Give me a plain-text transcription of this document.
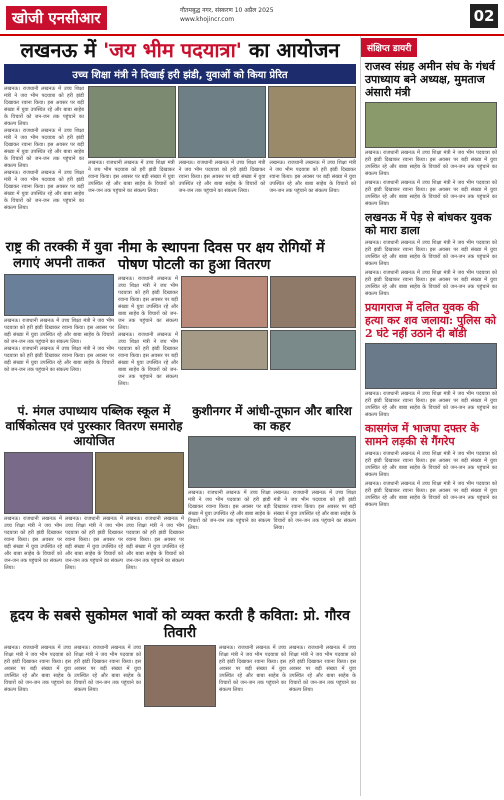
खोजी एनसीआर	गौतमबुद्ध नगर, संस्करण 10 अप्रैल 2025
www.khojincr.com	02
लखनऊ में 'जय भीम पदयात्रा' का आयोजन
उच्च शिक्षा मंत्री ने दिखाई हरी झंडी, युवाओं को किया प्रेरित
लखनऊ। राजधानी लखनऊ में उच्च शिक्षा मंत्री ने जय भीम पदयात्रा को हरी झंडी दिखाकर रवाना किया। इस अवसर पर बड़ी संख्या में युवा उपस्थित रहे और बाबा साहेब के विचारों को जन-जन तक पहुंचाने का संकल्प लिया।
लखनऊ। राजधानी लखनऊ में उच्च शिक्षा मंत्री ने जय भीम पदयात्रा को हरी झंडी दिखाकर रवाना किया। इस अवसर पर बड़ी संख्या में युवा उपस्थित रहे और बाबा साहेब के विचारों को जन-जन तक पहुंचाने का संकल्प लिया।
लखनऊ। राजधानी लखनऊ में उच्च शिक्षा मंत्री ने जय भीम पदयात्रा को हरी झंडी दिखाकर रवाना किया। इस अवसर पर बड़ी संख्या में युवा उपस्थित रहे और बाबा साहेब के विचारों को जन-जन तक पहुंचाने का संकल्प लिया।
लखनऊ। राजधानी लखनऊ में उच्च शिक्षा मंत्री ने जय भीम पदयात्रा को हरी झंडी दिखाकर रवाना किया। इस अवसर पर बड़ी संख्या में युवा उपस्थित रहे और बाबा साहेब के विचारों को जन-जन तक पहुंचाने का संकल्प लिया।
लखनऊ। राजधानी लखनऊ में उच्च शिक्षा मंत्री ने जय भीम पदयात्रा को हरी झंडी दिखाकर रवाना किया। इस अवसर पर बड़ी संख्या में युवा उपस्थित रहे और बाबा साहेब के विचारों को जन-जन तक पहुंचाने का संकल्प लिया।
लखनऊ। राजधानी लखनऊ में उच्च शिक्षा मंत्री ने जय भीम पदयात्रा को हरी झंडी दिखाकर रवाना किया। इस अवसर पर बड़ी संख्या में युवा उपस्थित रहे और बाबा साहेब के विचारों को जन-जन तक पहुंचाने का संकल्प लिया।
राष्ट्र की तरक्की में युवा लगाएं अपनी ताकत
लखनऊ। राजधानी लखनऊ में उच्च शिक्षा मंत्री ने जय भीम पदयात्रा को हरी झंडी दिखाकर रवाना किया। इस अवसर पर बड़ी संख्या में युवा उपस्थित रहे और बाबा साहेब के विचारों को जन-जन तक पहुंचाने का संकल्प लिया।
लखनऊ। राजधानी लखनऊ में उच्च शिक्षा मंत्री ने जय भीम पदयात्रा को हरी झंडी दिखाकर रवाना किया। इस अवसर पर बड़ी संख्या में युवा उपस्थित रहे और बाबा साहेब के विचारों को जन-जन तक पहुंचाने का संकल्प लिया।
नीमा के स्थापना दिवस पर क्षय रोगियों में पोषण पोटली का हुआ वितरण
लखनऊ। राजधानी लखनऊ में उच्च शिक्षा मंत्री ने जय भीम पदयात्रा को हरी झंडी दिखाकर रवाना किया। इस अवसर पर बड़ी संख्या में युवा उपस्थित रहे और बाबा साहेब के विचारों को जन-जन तक पहुंचाने का संकल्प लिया।
लखनऊ। राजधानी लखनऊ में उच्च शिक्षा मंत्री ने जय भीम पदयात्रा को हरी झंडी दिखाकर रवाना किया। इस अवसर पर बड़ी संख्या में युवा उपस्थित रहे और बाबा साहेब के विचारों को जन-जन तक पहुंचाने का संकल्प लिया।
पं. मंगल उपाध्याय पब्लिक स्कूल में वार्षिकोत्सव एवं पुरस्कार वितरण समारोह आयोजित
लखनऊ। राजधानी लखनऊ में उच्च शिक्षा मंत्री ने जय भीम पदयात्रा को हरी झंडी दिखाकर रवाना किया। इस अवसर पर बड़ी संख्या में युवा उपस्थित रहे और बाबा साहेब के विचारों को जन-जन तक पहुंचाने का संकल्प लिया।
लखनऊ। राजधानी लखनऊ में उच्च शिक्षा मंत्री ने जय भीम पदयात्रा को हरी झंडी दिखाकर रवाना किया। इस अवसर पर बड़ी संख्या में युवा उपस्थित रहे और बाबा साहेब के विचारों को जन-जन तक पहुंचाने का संकल्प लिया।
लखनऊ। राजधानी लखनऊ में उच्च शिक्षा मंत्री ने जय भीम पदयात्रा को हरी झंडी दिखाकर रवाना किया। इस अवसर पर बड़ी संख्या में युवा उपस्थित रहे और बाबा साहेब के विचारों को जन-जन तक पहुंचाने का संकल्प लिया।
कुशीनगर में आंधी-तूफान और बारिश का कहर
लखनऊ। राजधानी लखनऊ में उच्च शिक्षा मंत्री ने जय भीम पदयात्रा को हरी झंडी दिखाकर रवाना किया। इस अवसर पर बड़ी संख्या में युवा उपस्थित रहे और बाबा साहेब के विचारों को जन-जन तक पहुंचाने का संकल्प लिया।
लखनऊ। राजधानी लखनऊ में उच्च शिक्षा मंत्री ने जय भीम पदयात्रा को हरी झंडी दिखाकर रवाना किया। इस अवसर पर बड़ी संख्या में युवा उपस्थित रहे और बाबा साहेब के विचारों को जन-जन तक पहुंचाने का संकल्प लिया।
हृदय के सबसे सुकोमल भावों को व्यक्त करती है कविता: प्रो. गौरव तिवारी
लखनऊ। राजधानी लखनऊ में उच्च शिक्षा मंत्री ने जय भीम पदयात्रा को हरी झंडी दिखाकर रवाना किया। इस अवसर पर बड़ी संख्या में युवा उपस्थित रहे और बाबा साहेब के विचारों को जन-जन तक पहुंचाने का संकल्प लिया।
लखनऊ। राजधानी लखनऊ में उच्च शिक्षा मंत्री ने जय भीम पदयात्रा को हरी झंडी दिखाकर रवाना किया। इस अवसर पर बड़ी संख्या में युवा उपस्थित रहे और बाबा साहेब के विचारों को जन-जन तक पहुंचाने का संकल्प लिया।
लखनऊ। राजधानी लखनऊ में उच्च शिक्षा मंत्री ने जय भीम पदयात्रा को हरी झंडी दिखाकर रवाना किया। इस अवसर पर बड़ी संख्या में युवा उपस्थित रहे और बाबा साहेब के विचारों को जन-जन तक पहुंचाने का संकल्प लिया।
लखनऊ। राजधानी लखनऊ में उच्च शिक्षा मंत्री ने जय भीम पदयात्रा को हरी झंडी दिखाकर रवाना किया। इस अवसर पर बड़ी संख्या में युवा उपस्थित रहे और बाबा साहेब के विचारों को जन-जन तक पहुंचाने का संकल्प लिया।
संक्षिप्त डायरी
राजस्व संग्रह अमीन संघ के गंधर्व उपाध्याय बने अध्यक्ष, मुमताज अंसारी मंत्री
लखनऊ। राजधानी लखनऊ में उच्च शिक्षा मंत्री ने जय भीम पदयात्रा को हरी झंडी दिखाकर रवाना किया। इस अवसर पर बड़ी संख्या में युवा उपस्थित रहे और बाबा साहेब के विचारों को जन-जन तक पहुंचाने का संकल्प लिया।
लखनऊ। राजधानी लखनऊ में उच्च शिक्षा मंत्री ने जय भीम पदयात्रा को हरी झंडी दिखाकर रवाना किया। इस अवसर पर बड़ी संख्या में युवा उपस्थित रहे और बाबा साहेब के विचारों को जन-जन तक पहुंचाने का संकल्प लिया।
लखनऊ में पेड़ से बांधकर युवक को मारा डाला
लखनऊ। राजधानी लखनऊ में उच्च शिक्षा मंत्री ने जय भीम पदयात्रा को हरी झंडी दिखाकर रवाना किया। इस अवसर पर बड़ी संख्या में युवा उपस्थित रहे और बाबा साहेब के विचारों को जन-जन तक पहुंचाने का संकल्प लिया।
लखनऊ। राजधानी लखनऊ में उच्च शिक्षा मंत्री ने जय भीम पदयात्रा को हरी झंडी दिखाकर रवाना किया। इस अवसर पर बड़ी संख्या में युवा उपस्थित रहे और बाबा साहेब के विचारों को जन-जन तक पहुंचाने का संकल्प लिया।
प्रयागराज में दलित युवक की हत्या कर शव जलाया: पुलिस को 2 घंटे नहीं उठाने दी बॉडी
लखनऊ। राजधानी लखनऊ में उच्च शिक्षा मंत्री ने जय भीम पदयात्रा को हरी झंडी दिखाकर रवाना किया। इस अवसर पर बड़ी संख्या में युवा उपस्थित रहे और बाबा साहेब के विचारों को जन-जन तक पहुंचाने का संकल्प लिया।
कासगंज में भाजपा दफ्तर के सामने लड़की से गैंगरेप
लखनऊ। राजधानी लखनऊ में उच्च शिक्षा मंत्री ने जय भीम पदयात्रा को हरी झंडी दिखाकर रवाना किया। इस अवसर पर बड़ी संख्या में युवा उपस्थित रहे और बाबा साहेब के विचारों को जन-जन तक पहुंचाने का संकल्प लिया।
लखनऊ। राजधानी लखनऊ में उच्च शिक्षा मंत्री ने जय भीम पदयात्रा को हरी झंडी दिखाकर रवाना किया। इस अवसर पर बड़ी संख्या में युवा उपस्थित रहे और बाबा साहेब के विचारों को जन-जन तक पहुंचाने का संकल्प लिया।
